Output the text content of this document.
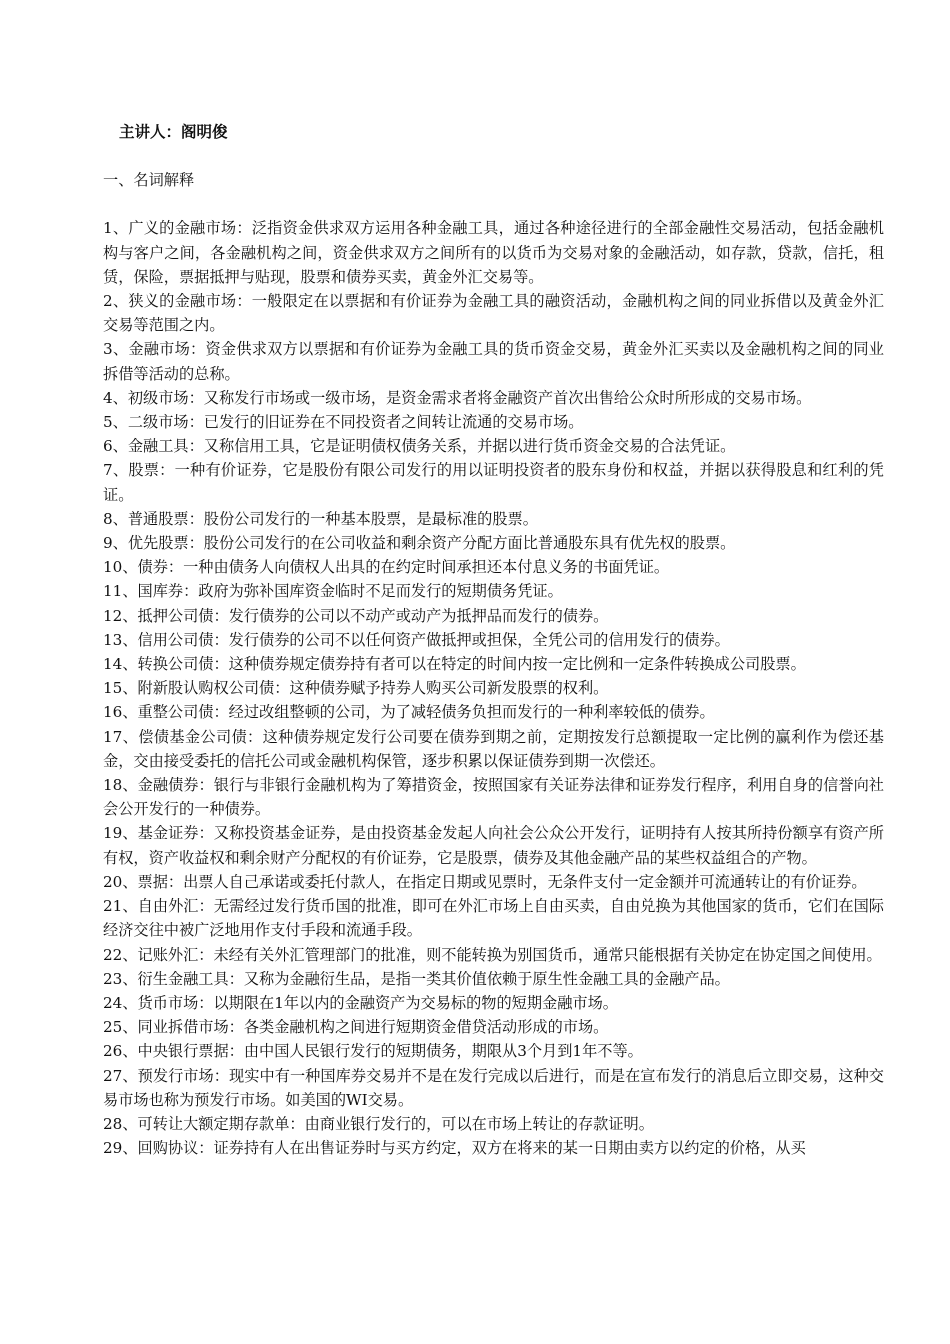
主讲人：阁明俊

一、名词解释

1、广义的金融市场：泛指资金供求双方运用各种金融工具，通过各种途径进行的全部金融性交易活动，包括金融机构与客户之间，各金融机构之间，资金供求双方之间所有的以货币为交易对象的金融活动，如存款，贷款，信托，租赁，保险，票据抵押与贴现，股票和债券买卖，黄金外汇交易等。

2、狭义的金融市场：一般限定在以票据和有价证券为金融工具的融资活动，金融机构之间的同业拆借以及黄金外汇交易等范围之内。

3、金融市场：资金供求双方以票据和有价证券为金融工具的货币资金交易，黄金外汇买卖以及金融机构之间的同业拆借等活动的总称。

4、初级市场：又称发行市场或一级市场，是资金需求者将金融资产首次出售给公众时所形成的交易市场。

5、二级市场：已发行的旧证券在不同投资者之间转让流通的交易市场。

6、金融工具：又称信用工具，它是证明债权债务关系，并据以进行货币资金交易的合法凭证。

7、股票：一种有价证券，它是股份有限公司发行的用以证明投资者的股东身份和权益，并据以获得股息和红利的凭证。

8、普通股票：股份公司发行的一种基本股票，是最标准的股票。

9、优先股票：股份公司发行的在公司收益和剩余资产分配方面比普通股东具有优先权的股票。

10、债券：一种由债务人向债权人出具的在约定时间承担还本付息义务的书面凭证。

11、国库券：政府为弥补国库资金临时不足而发行的短期债务凭证。

12、抵押公司债：发行债券的公司以不动产或动产为抵押品而发行的债券。

13、信用公司债：发行债券的公司不以任何资产做抵押或担保，全凭公司的信用发行的债券。

14、转换公司债：这种债券规定债券持有者可以在特定的时间内按一定比例和一定条件转换成公司股票。

15、附新股认购权公司债：这种债券赋予持券人购买公司新发股票的权利。

16、重整公司债：经过改组整顿的公司，为了减轻债务负担而发行的一种利率较低的债券。

17、偿债基金公司债：这种债券规定发行公司要在债券到期之前，定期按发行总额提取一定比例的赢利作为偿还基金，交由接受委托的信托公司或金融机构保管，逐步积累以保证债券到期一次偿还。

18、金融债券：银行与非银行金融机构为了筹措资金，按照国家有关证券法律和证券发行程序，利用自身的信誉向社会公开发行的一种债券。

19、基金证券：又称投资基金证券，是由投资基金发起人向社会公众公开发行，证明持有人按其所持份额享有资产所有权，资产收益权和剩余财产分配权的有价证券，它是股票，债券及其他金融产品的某些权益组合的产物。

20、票据：出票人自己承诺或委托付款人，在指定日期或见票时，无条件支付一定金额并可流通转让的有价证券。

21、自由外汇：无需经过发行货币国的批准，即可在外汇市场上自由买卖，自由兑换为其他国家的货币，它们在国际经济交往中被广泛地用作支付手段和流通手段。

22、记账外汇：未经有关外汇管理部门的批准，则不能转换为别国货币，通常只能根据有关协定在协定国之间使用。

23、衍生金融工具：又称为金融衍生品，是指一类其价值依赖于原生性金融工具的金融产品。

24、货币市场：以期限在1年以内的金融资产为交易标的物的短期金融市场。

25、同业拆借市场：各类金融机构之间进行短期资金借贷活动形成的市场。

26、中央银行票据：由中国人民银行发行的短期债务，期限从3个月到1年不等。

27、预发行市场：现实中有一种国库券交易并不是在发行完成以后进行，而是在宣布发行的消息后立即交易，这种交易市场也称为预发行市场。如美国的WI交易。

28、可转让大额定期存款单：由商业银行发行的，可以在市场上转让的存款证明。

29、回购协议：证券持有人在出售证券时与买方约定，双方在将来的某一日期由卖方以约定的价格，从买
